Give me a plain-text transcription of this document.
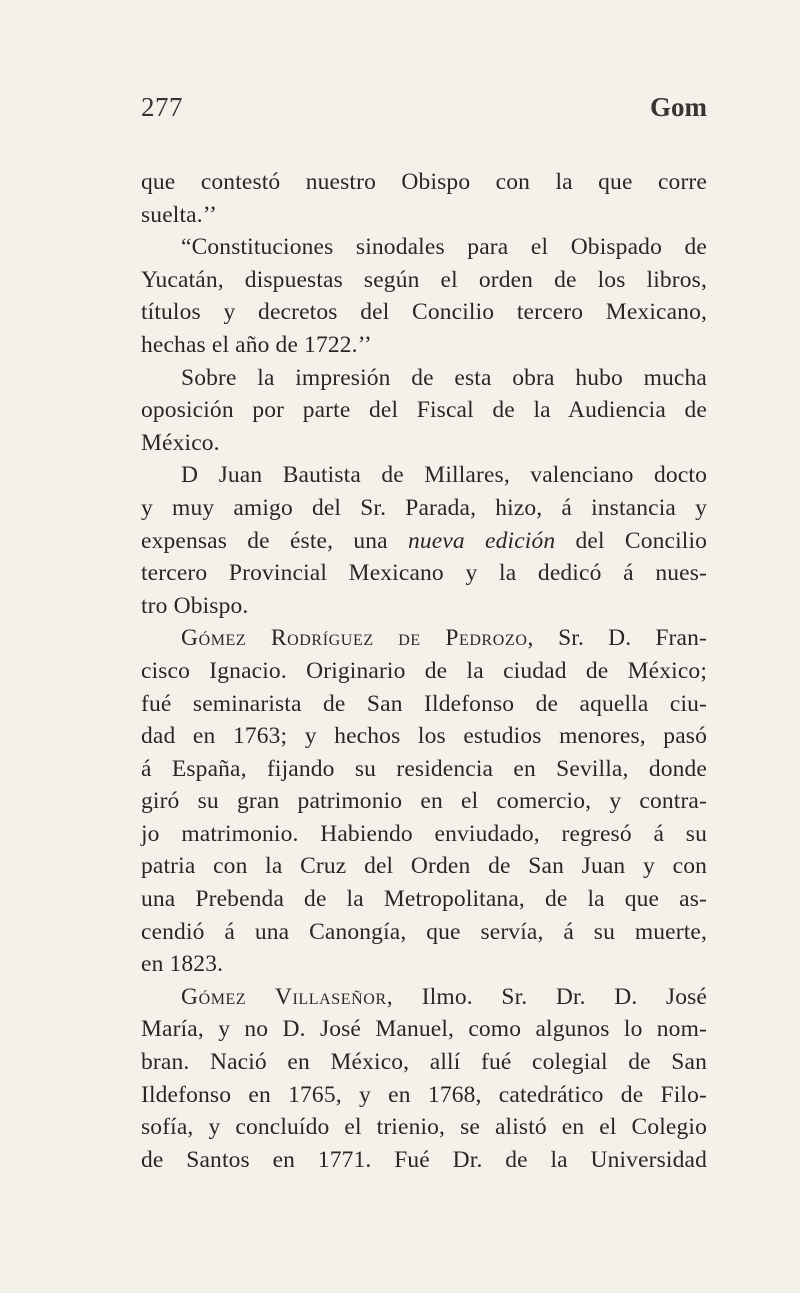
277	Gom
que contestó nuestro Obispo con la que corre
suelta.’’
“Constituciones sinodales para el Obispado de
Yucatán, dispuestas según el orden de los libros,
títulos y decretos del Concilio tercero Mexicano,
hechas el año de 1722.’’
Sobre la impresión de esta obra hubo mucha
oposición por parte del Fiscal de la Audiencia de
México.
D Juan Bautista de Millares, valenciano docto
y muy amigo del Sr. Parada, hizo, á instancia y
expensas de éste, una nueva edición del Concilio
tercero Provincial Mexicano y la dedicó á nues-
tro Obispo.
Gómez Rodríguez de Pedrozo, Sr. D. Fran-
cisco Ignacio. Originario de la ciudad de México;
fué seminarista de San Ildefonso de aquella ciu-
dad en 1763; y hechos los estudios menores, pasó
á España, fijando su residencia en Sevilla, donde
giró su gran patrimonio en el comercio, y contra-
jo matrimonio. Habiendo enviudado, regresó á su
patria con la Cruz del Orden de San Juan y con
una Prebenda de la Metropolitana, de la que as-
cendió á una Canongía, que servía, á su muerte,
en 1823.
Gómez Villaseñor, Ilmo. Sr. Dr. D. José
María, y no D. José Manuel, como algunos lo nom-
bran. Nació en México, allí fué colegial de San
Ildefonso en 1765, y en 1768, catedrático de Filo-
sofía, y concluído el trienio, se alistó en el Colegio
de Santos en 1771. Fué Dr. de la Universidad
